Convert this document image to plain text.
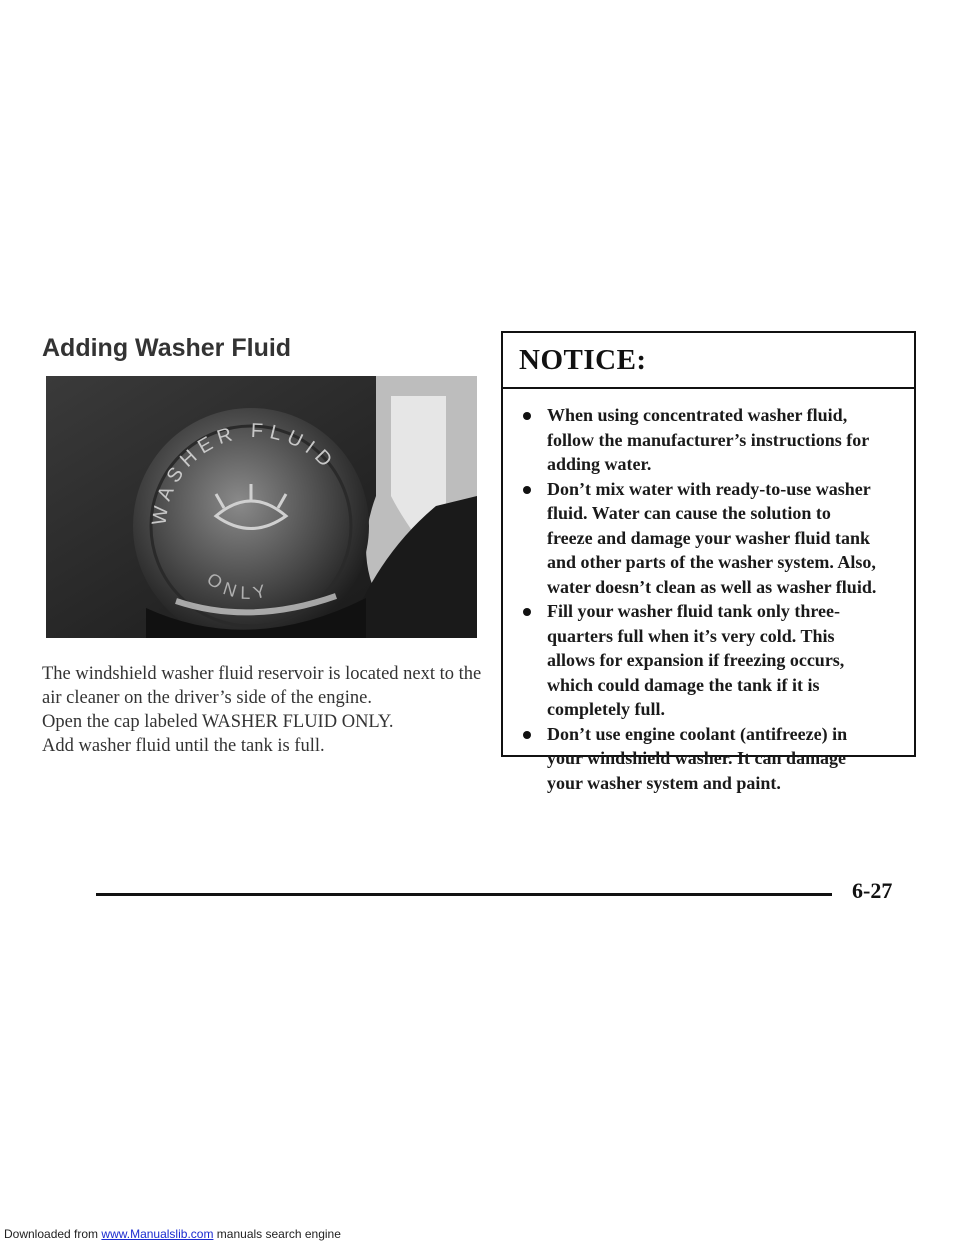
Adding Washer Fluid
WASHER FLUID
ONLY

The windshield washer fluid reservoir is located next to the air cleaner on the driver’s side of the engine.

Open the cap labeled WASHER FLUID ONLY.
Add washer fluid until the tank is full.

NOTICE:
When using concentrated washer fluid, follow the manufacturer’s instructions for adding water.
Don’t mix water with ready-to-use washer fluid. Water can cause the solution to freeze and damage your washer fluid tank and other parts of the washer system. Also, water doesn’t clean as well as washer fluid.
Fill your washer fluid tank only three-quarters full when it’s very cold. This allows for expansion if freezing occurs, which could damage the tank if it is completely full.
Don’t use engine coolant (antifreeze) in your windshield washer. It can damage your washer system and paint.

6-27

Downloaded from www.Manualslib.com manuals search engine
